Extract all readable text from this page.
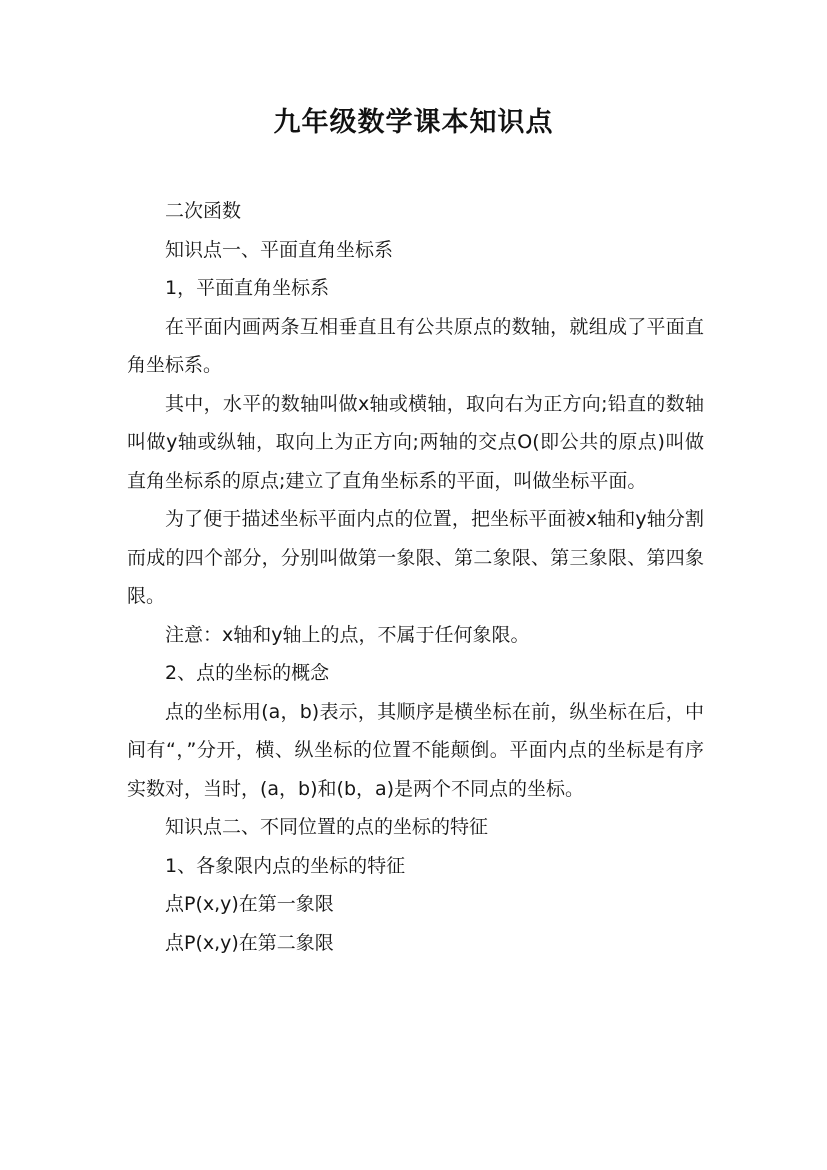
九年级数学课本知识点

二次函数

知识点一、平面直角坐标系

1，平面直角坐标系

在平面内画两条互相垂直且有公共原点的数轴，就组成了平面直角坐标系。

其中，水平的数轴叫做x轴或横轴，取向右为正方向;铅直的数轴叫做y轴或纵轴，取向上为正方向;两轴的交点O(即公共的原点)叫做直角坐标系的原点;建立了直角坐标系的平面，叫做坐标平面。

为了便于描述坐标平面内点的位置，把坐标平面被x轴和y轴分割而成的四个部分，分别叫做第一象限、第二象限、第三象限、第四象限。

注意：x轴和y轴上的点，不属于任何象限。

2、点的坐标的概念

点的坐标用(a，b)表示，其顺序是横坐标在前，纵坐标在后，中间有“，”分开，横、纵坐标的位置不能颠倒。平面内点的坐标是有序实数对，当时，(a，b)和(b，a)是两个不同点的坐标。

知识点二、不同位置的点的坐标的特征

1、各象限内点的坐标的特征

点P(x,y)在第一象限

点P(x,y)在第二象限
